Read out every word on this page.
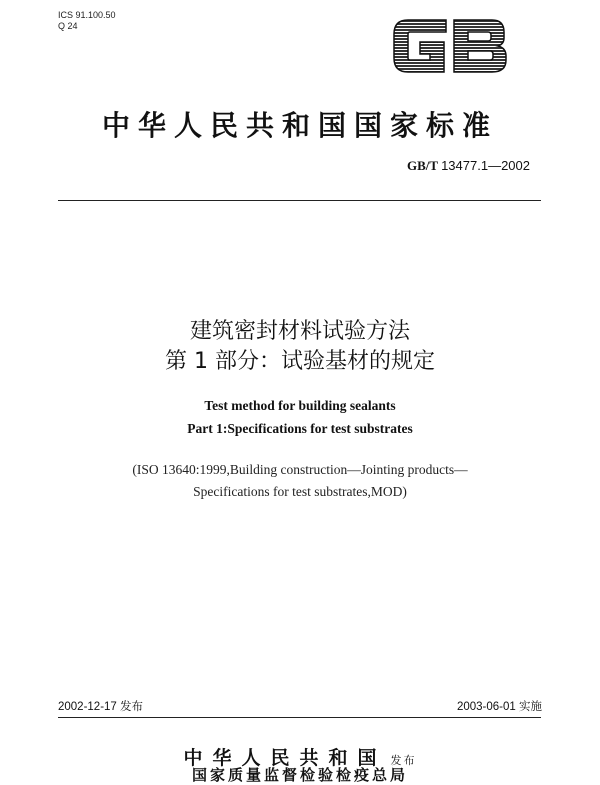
ICS 91.100.50
Q 24
中华人民共和国国家标准
GB/T 13477.1—2002
建筑密封材料试验方法
第 1 部分：试验基材的规定
Test method for building sealants
Part 1:Specifications for test substrates
(ISO 13640:1999,Building construction—Jointing products—
Specifications for test substrates,MOD)
2002-12-17 发布	2003-06-01 实施
中华人民共和国 发布
国家质量监督检验检疫总局
